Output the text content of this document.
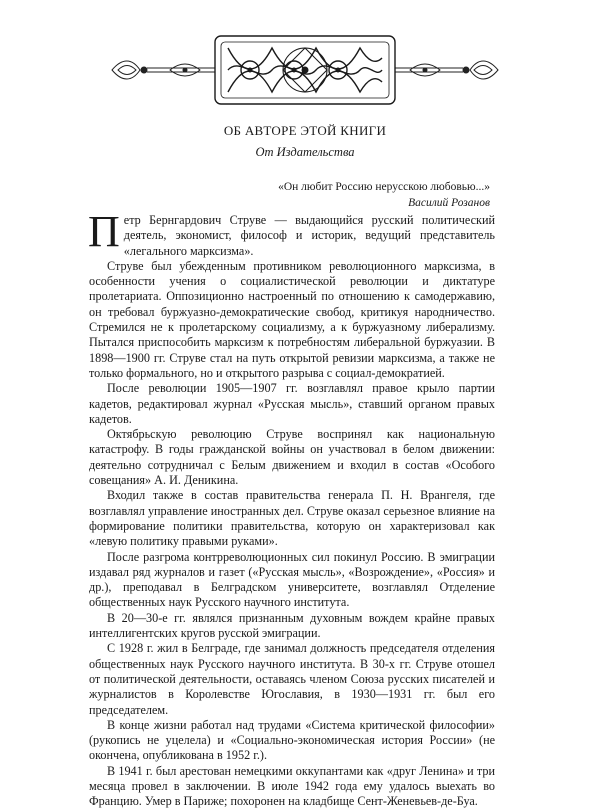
ОБ АВТОРЕ ЭТОЙ КНИГИ
От Издательства
«Он любит Россию нерусскою любовью...»
Василий Розанов

Петр Бернгардович Струве — выдающийся русский политический деятель, экономист, философ и историк, ведущий представитель «легального марксизма».

Струве был убежденным противником революционного марксизма, в особенности учения о социалистической революции и диктатуре пролетариата. Оппозиционно настроенный по отношению к самодержавию, он требовал буржуазно-демократические свобод, критикуя народничество. Стремился не к пролетарскому социализму, а к буржуазному либерализму. Пытался приспособить марксизм к потребностям либеральной буржуазии. В 1898—1900 гг. Струве стал на путь открытой ревизии марксизма, а также не только формального, но и открытого разрыва с социал-демократией.

После революции 1905—1907 гг. возглавлял правое крыло партии кадетов, редактировал журнал «Русская мысль», ставший органом правых кадетов.

Октябрьскую революцию Струве воспринял как национальную катастрофу. В годы гражданской войны он участвовал в белом движении: деятельно сотрудничал с Белым движением и входил в состав «Особого совещания» А. И. Деникина.

Входил также в состав правительства генерала П. Н. Врангеля, где возглавлял управление иностранных дел. Струве оказал серьезное влияние на формирование политики правительства, которую он характеризовал как «левую политику правыми руками».

После разгрома контрреволюционных сил покинул Россию. В эмиграции издавал ряд журналов и газет («Русская мысль», «Возрождение», «Россия» и др.), преподавал в Белградском университете, возглавлял Отделение общественных наук Русского научного института.

В 20—30-е гг. являлся признанным духовным вождем крайне правых интеллигентских кругов русской эмиграции.

С 1928 г. жил в Белграде, где занимал должность председателя отделения общественных наук Русского научного института. В 30-х гг. Струве отошел от политической деятельности, оставаясь членом Союза русских писателей и журналистов в Королевстве Югославия, в 1930—1931 гг. был его председателем.

В конце жизни работал над трудами «Система критической философии» (рукопись не уцелела) и «Социально-экономическая история России» (не окончена, опубликована в 1952 г.).

В 1941 г. был арестован немецкими оккупантами как «друг Ленина» и три месяца провел в заключении. В июле 1942 года ему удалось выехать во Францию. Умер в Париже; похоронен на кладбище Сент-Женевьев-де-Буа.
